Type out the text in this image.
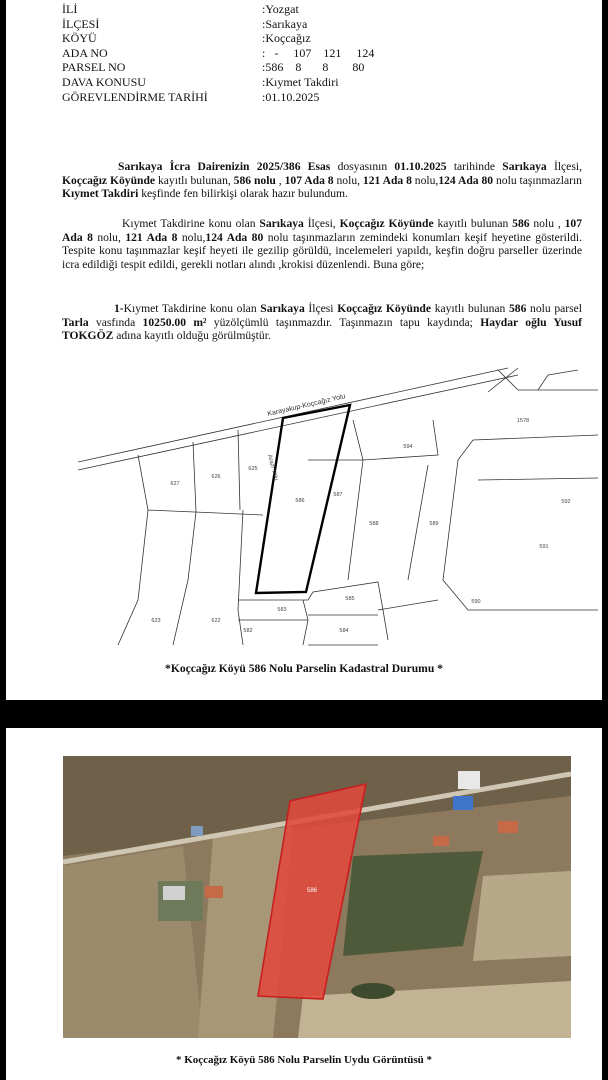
İLİ	:Yozgat
İLÇESİ	:Sarıkaya
KÖYÜ	:Koçcağız
ADA NO	:   -     107    121     124
PARSEL NO	:586    8       8        80
DAVA KONUSU	:Kıymet Takdiri
GÖREVLENDİRME TARİHİ	:01.10.2025
Sarıkaya İcra Dairenizin 2025/386 Esas dosyasının 01.10.2025 tarihinde Sarıkaya İlçesi, Koçcağız Köyünde kayıtlı bulunan, 586 nolu , 107 Ada 8 nolu, 121 Ada 8 nolu,124 Ada 80 nolu taşınmazların Kıymet Takdiri keşfinde fen bilirkişi olarak hazır bulundum.
Kıymet Takdirine konu olan Sarıkaya İlçesi, Koçcağız Köyünde kayıtlı bulunan 586 nolu , 107 Ada 8 nolu, 121 Ada 8 nolu,124 Ada 80 nolu taşınmazların zemindeki konumları keşif heyetine gösterildi. Tespite konu taşınmazlar keşif heyeti ile gezilip görüldü, incelemeleri yapıldı, keşfin doğru parseller üzerinde icra edildiği tespit edildi, gerekli notları alındı ,krokisi düzenlendi. Buna göre;
1-Kıymet Takdirine konu olan Sarıkaya İlçesi Koçcağız Köyünde kayıtlı bulunan 586 nolu parsel Tarla vasfında 10250.00 m² yüzölçümlü taşınmazdır. Taşınmazın tapu kaydında; Haydar oğlu Yusuf TOKGÖZ adına kayıtlı olduğu görülmüştür.
Karayakup-Koçcağız Yolu
Arazi Yolu
627
626
625
586
587
594
1578
592
588	589
591
623	622
583
582
585
584
590
*Koçcağız Köyü 586 Nolu Parselin Kadastral Durumu *
586
* Koçcağız Köyü 586 Nolu Parselin Uydu Görüntüsü *
